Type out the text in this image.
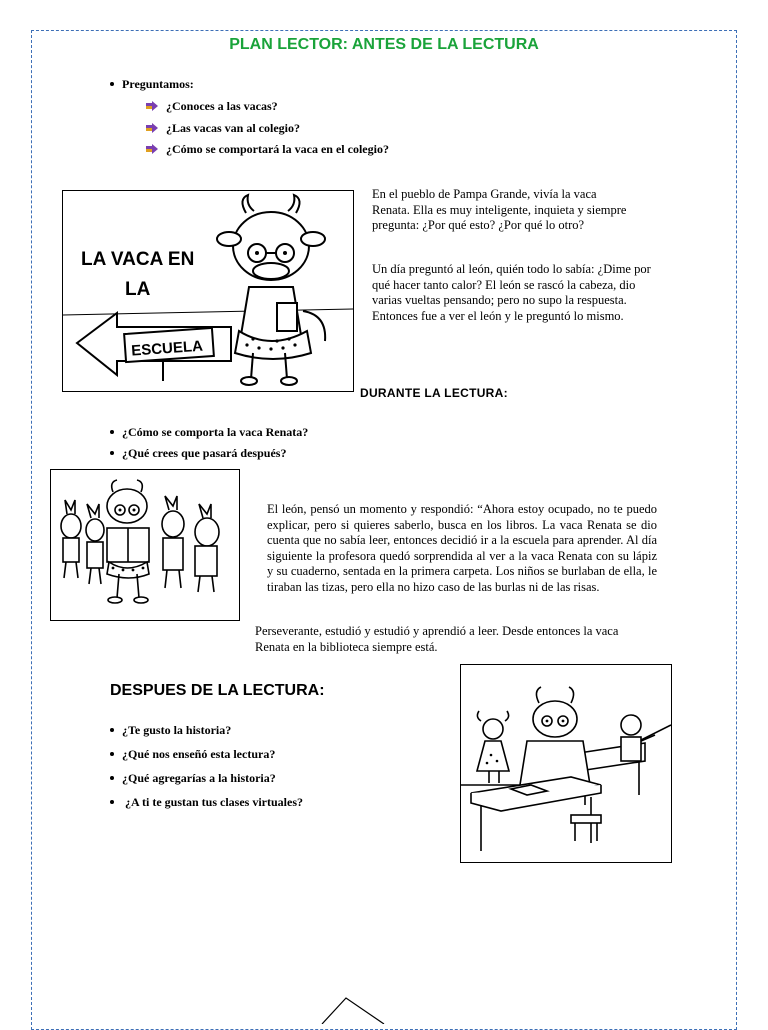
PLAN LECTOR: ANTES DE LA LECTURA
Preguntamos:
¿Conoces a las vacas?
¿Las vacas van al colegio?
¿Cómo se comportará la vaca en el colegio?
LA VACA EN
LA
ESCUELA
En el pueblo de Pampa Grande, vivía la vaca Renata. Ella es muy inteligente, inquieta y siempre pregunta: ¿Por qué esto? ¿Por qué lo otro?
Un día preguntó al león, quién todo lo sabía: ¿Dime por qué hacer tanto calor? El león se rascó la cabeza, dio varias vueltas pensando; pero no supo la respuesta. Entonces fue a ver el león y le preguntó lo mismo.
DURANTE LA LECTURA:
¿Cómo se comporta la vaca Renata?
¿Qué crees que pasará después?
El león, pensó un momento y respondió: “Ahora estoy ocupado, no te puedo explicar, pero si quieres saberlo, busca en los libros. La vaca Renata se dio cuenta que no sabía leer, entonces decidió ir a la escuela para aprender. Al día siguiente la profesora quedó sorprendida al ver a la vaca Renata con su lápiz y su cuaderno, sentada en la primera carpeta. Los niños se burlaban de ella, le tiraban las tizas, pero ella no hizo caso de las burlas ni de las risas.
Perseverante, estudió y estudió y aprendió a leer. Desde entonces la vaca Renata en la biblioteca siempre está.
DESPUES DE LA LECTURA:
¿Te gusto la historia?
¿Qué nos enseñó esta lectura?
¿Qué agregarías a la historia?
¿A ti te gustan tus clases virtuales?
